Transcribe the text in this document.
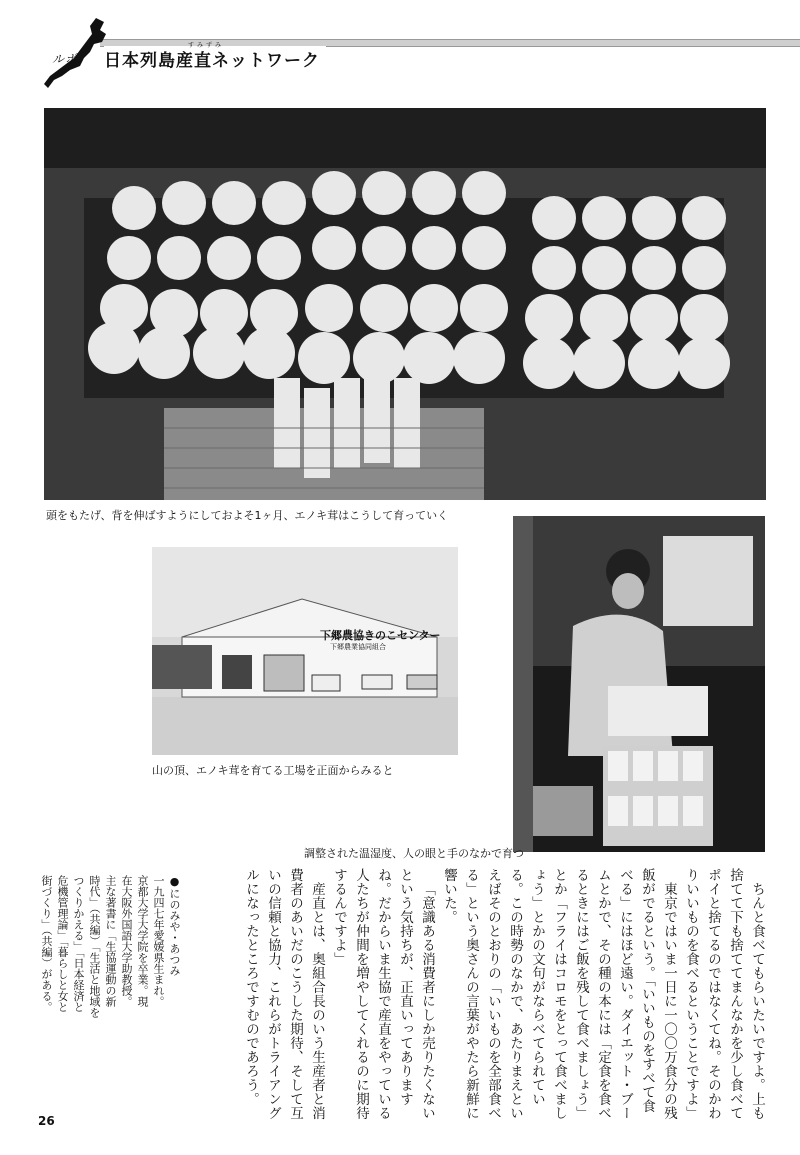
ルポ 日本列島産直ネットワーク
すみずみ
頭をもたげ、背を伸ばすようにしておよそ1ヶ月、エノキ茸はこうして育っていく
下郷農協きのこセンター
下郷農業協同組合
山の頂、エノキ茸を育てる工場を正面からみると
調整された温湿度、人の眼と手のなかで育つ

ちんと食べてもらいたいですよ。上も捨てて下も捨ててまんなかを少し食べてポイと捨てるのではなくてね。そのかわりいいものを食べるということですよ」

東京ではいま一日に一〇〇万食分の残飯がでるという。「いいものをすべて食べる」にはほど遠い。ダイエット・ブームとかで、その種の本には「定食を食べるときにはご飯を残して食べましょう」とか「フライはコロモをとって食べましょう」とかの文句がならべてられている。この時勢のなかで、あたりまえといえばそのとおりの「いいものを全部食べる」という奥さんの言葉がやたら新鮮に響いた。

「意識ある消費者にしか売りたくないという気持ちが、正直いってありますね。だからいま生協で産直をやっている人たちが仲間を増やしてくれるのに期待するんですよ」

産直とは、奥組合長のいう生産者と消費者のあいだのこうした期待、そして互いの信頼と協力、これらがトライアングルになったところですむのであろう。

●にのみや・あつみ

一九四七年愛媛県生まれ。

京都大学大学院を卒業。現

在大阪外国語大学助教授。

主な著書に「生協運動の新

時代」（共編）「生活と地域を

つくりかえる」「日本経済と

危機管理論」「暮らしと女と

街づくり」（共編）がある。

26
